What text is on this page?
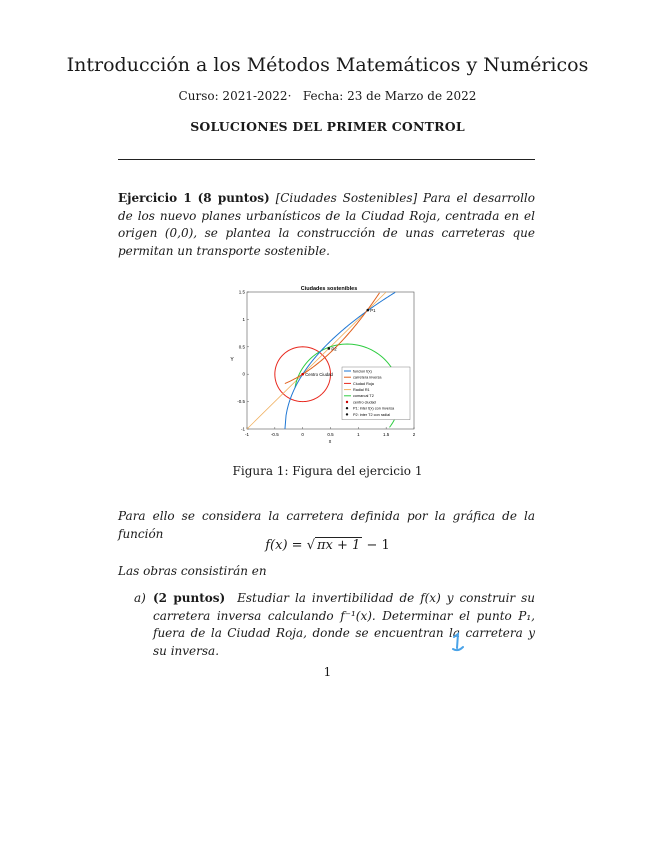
Introducción a los Métodos Matemáticos y Numéricos
Curso: 2021-2022· Fecha: 23 de Marzo de 2022
SOLUCIONES DEL PRIMER CONTROL
Ejercicio 1 (8 puntos) [Ciudades Sostenibles] Para el desarrollo de los nuevo planes urbanísticos de la Ciudad Roja, centrada en el origen (0,0), se plantea la construcción de unas carreteras que permitan un transporte sostenible.
Ciudades sostenibles
-1	-0.5	0	0.5	1	1.5	2
-1
-0.5
0
0.5
1
1.5
x
Y
Centro Ciudad
P1
P2
funcion f(x)
carretera inversa
Ciudad Roja
Radial R1
comarcal T2
centro ciudad
P1: inter f(x) con inversa
P2: inter T2 con radial
Figura 1: Figura del ejercicio 1
Para ello se considera la carretera definida por la gráfica de la función
f(x) = √ πx + 1 − 1
Las obras consistirán en
a) (2 puntos) Estudiar la invertibilidad de f(x) y construir su carretera inversa calculando f⁻¹(x). Determinar el punto P₁, fuera de la Ciudad Roja, donde se encuentran la carretera y su inversa.
1
